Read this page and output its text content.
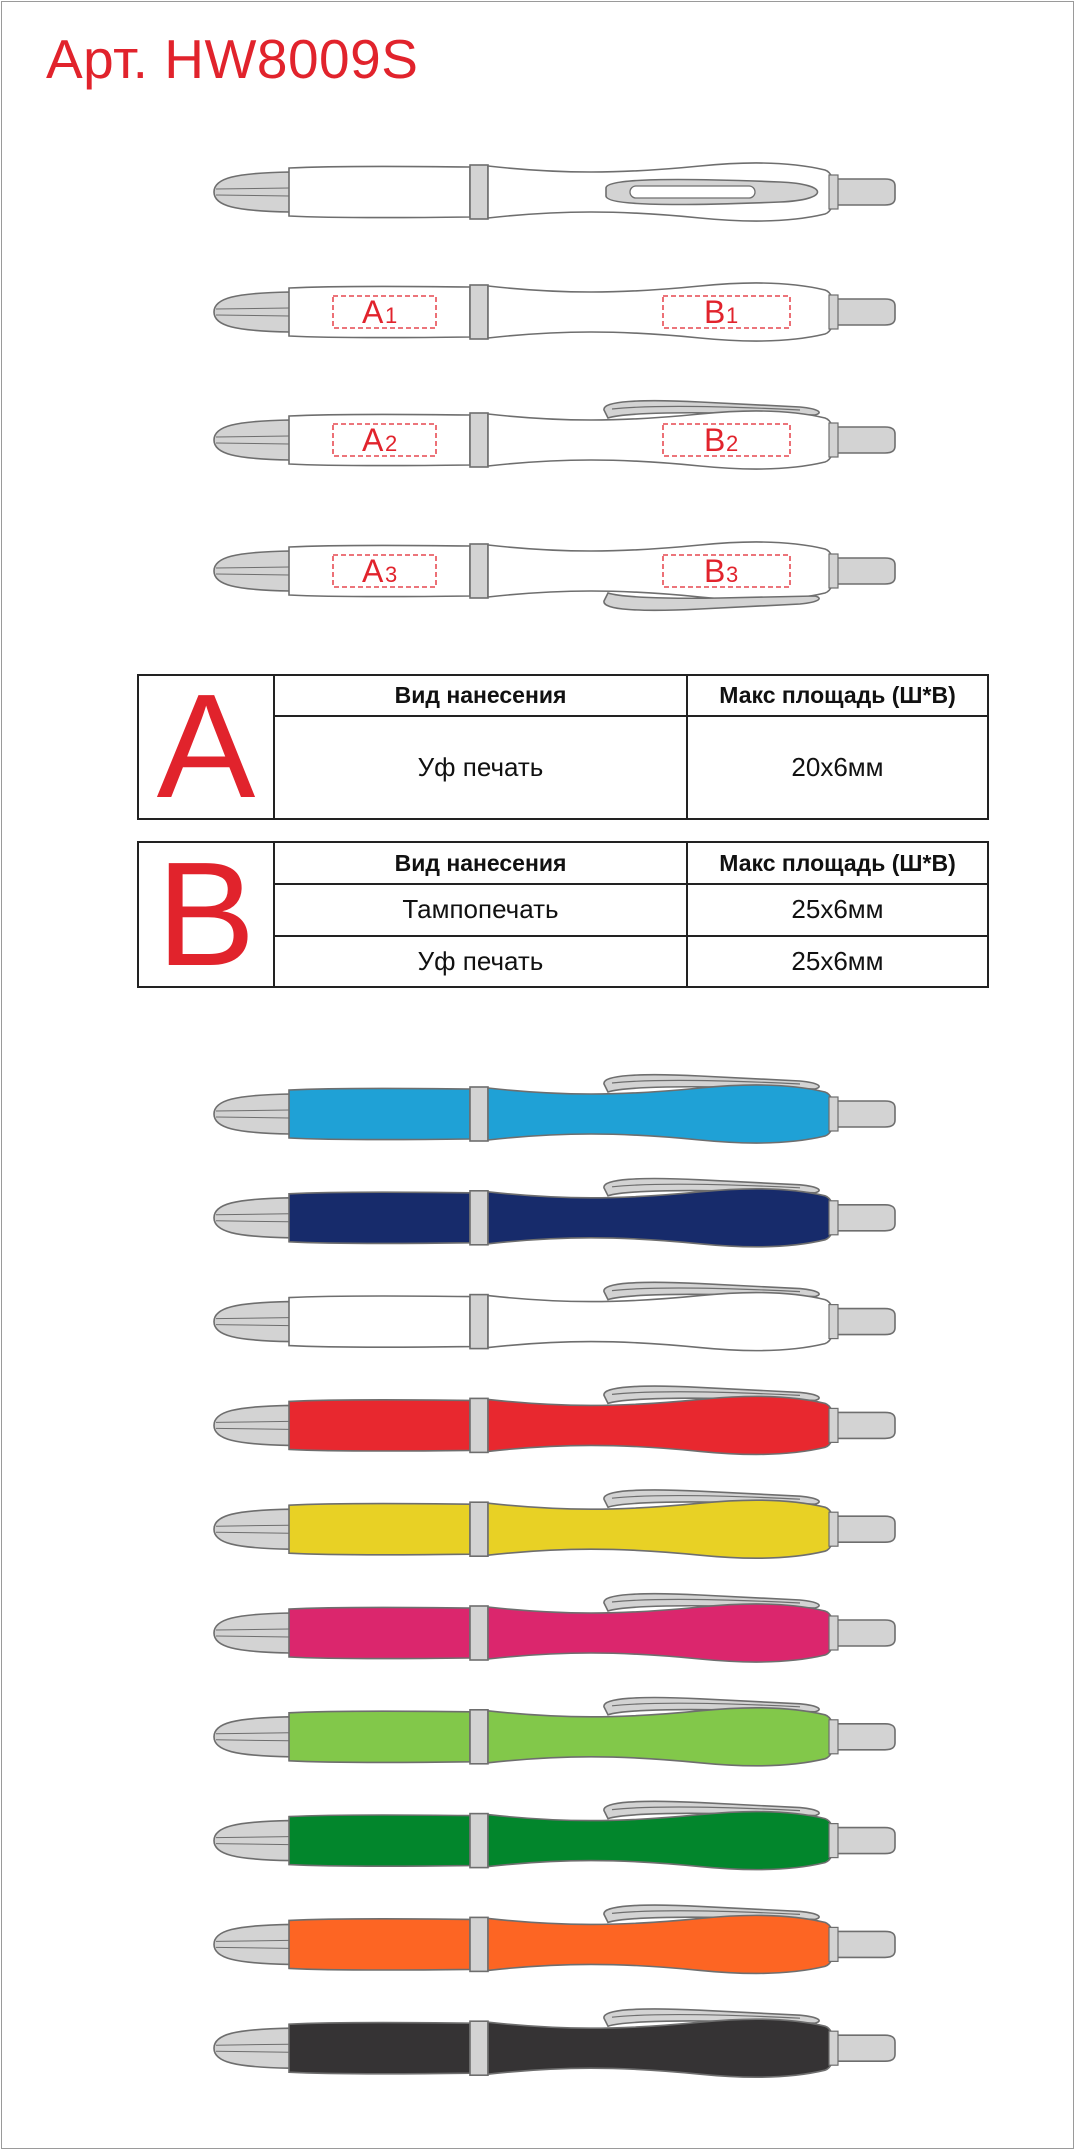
Арт. HW8009S
A 1	B 1
A 2	B 2
A 3	B 3
A	Вид нанесения	Макс площадь (Ш*В)
Уф печать	20x6мм
B	Вид нанесения	Макс площадь (Ш*В)
Тампопечать	25x6мм
Уф печать	25x6мм
